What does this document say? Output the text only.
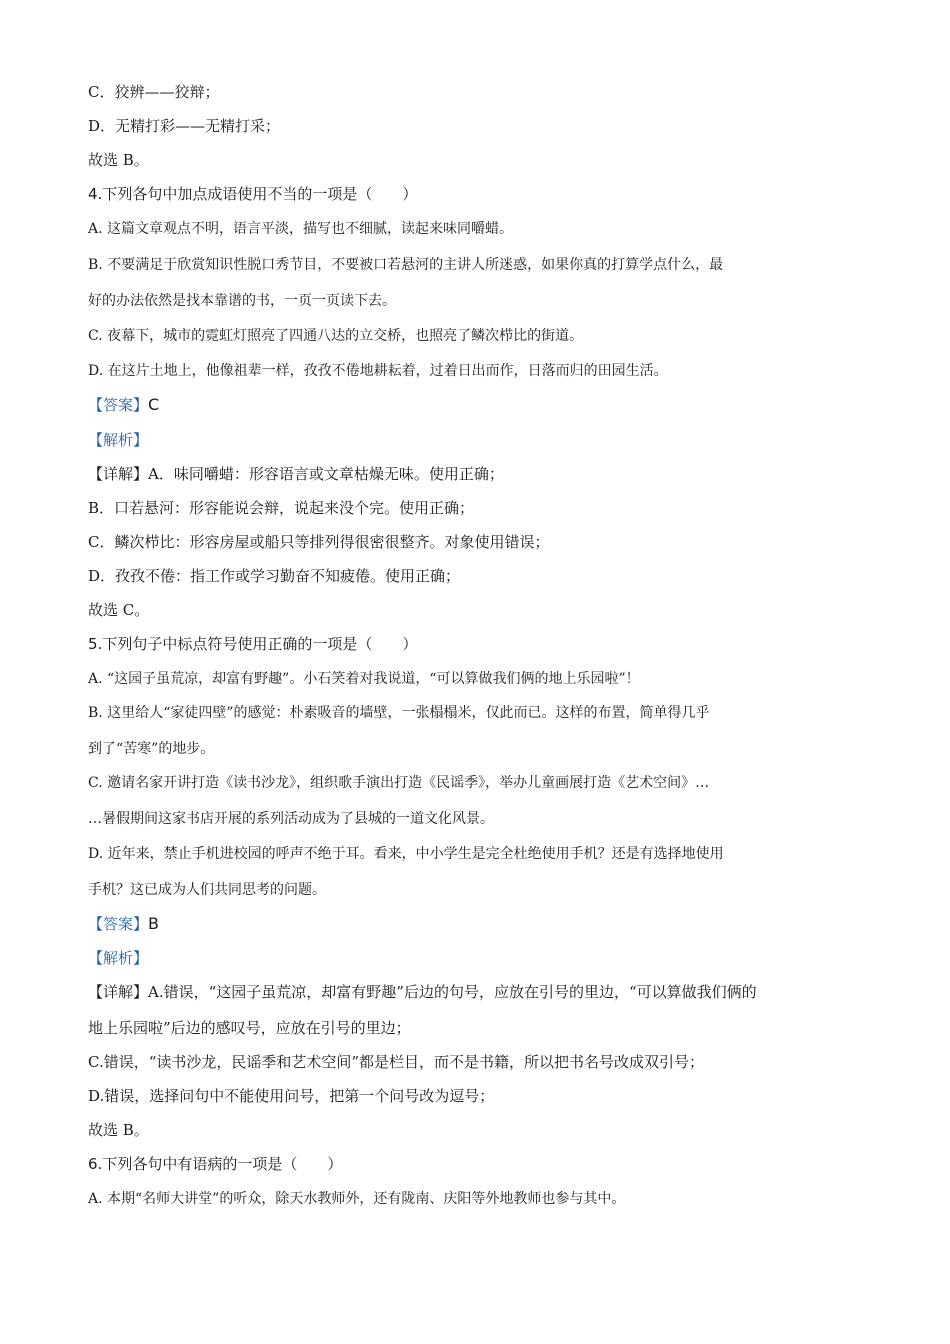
C．狡辨——狡辩；
D．无精打彩——无精打采；
故选 B。
4.下列各句中加点成语使用不当的一项是（　　）
A. 这篇文章观点不明，语言平淡，描写也不细腻，读起来味同嚼蜡。
B. 不要满足于欣赏知识性脱口秀节目，不要被口若悬河的主讲人所迷惑，如果你真的打算学点什么，最
好的办法依然是找本靠谱的书，一页一页读下去。
C. 夜幕下，城市的霓虹灯照亮了四通八达的立交桥，也照亮了鳞次栉比的街道。
D. 在这片土地上，他像祖辈一样，孜孜不倦地耕耘着，过着日出而作，日落而归的田园生活。
【答案】C
【解析】
【详解】A．味同嚼蜡：形容语言或文章枯燥无味。使用正确；
B．口若悬河：形容能说会辩，说起来没个完。使用正确；
C．鳞次栉比：形容房屋或船只等排列得很密很整齐。对象使用错误；
D．孜孜不倦：指工作或学习勤奋不知疲倦。使用正确；
故选 C。
5.下列句子中标点符号使用正确的一项是（　　）
A. “这园子虽荒凉，却富有野趣”。小石笑着对我说道，“可以算做我们俩的地上乐园啦”！
B. 这里给人“家徒四壁”的感觉：朴素吸音的墙壁，一张榻榻米，仅此而已。这样的布置，简单得几乎
到了“苦寒”的地步。
C. 邀请名家开讲打造《读书沙龙》，组织歌手演出打造《民谣季》，举办儿童画展打造《艺术空间》…
…暑假期间这家书店开展的系列活动成为了县城的一道文化风景。
D. 近年来，禁止手机进校园的呼声不绝于耳。看来，中小学生是完全杜绝使用手机？还是有选择地使用
手机？这已成为人们共同思考的问题。
【答案】B
【解析】
【详解】A.错误，“这园子虽荒凉，却富有野趣”后边的句号，应放在引号的里边，“可以算做我们俩的
地上乐园啦”后边的感叹号，应放在引号的里边；
C.错误，“读书沙龙，民谣季和艺术空间”都是栏目，而不是书籍，所以把书名号改成双引号；
D.错误，选择问句中不能使用问号，把第一个问号改为逗号；
故选 B。
6.下列各句中有语病的一项是（　　）
A. 本期“名师大讲堂”的听众，除天水教师外，还有陇南、庆阳等外地教师也参与其中。
